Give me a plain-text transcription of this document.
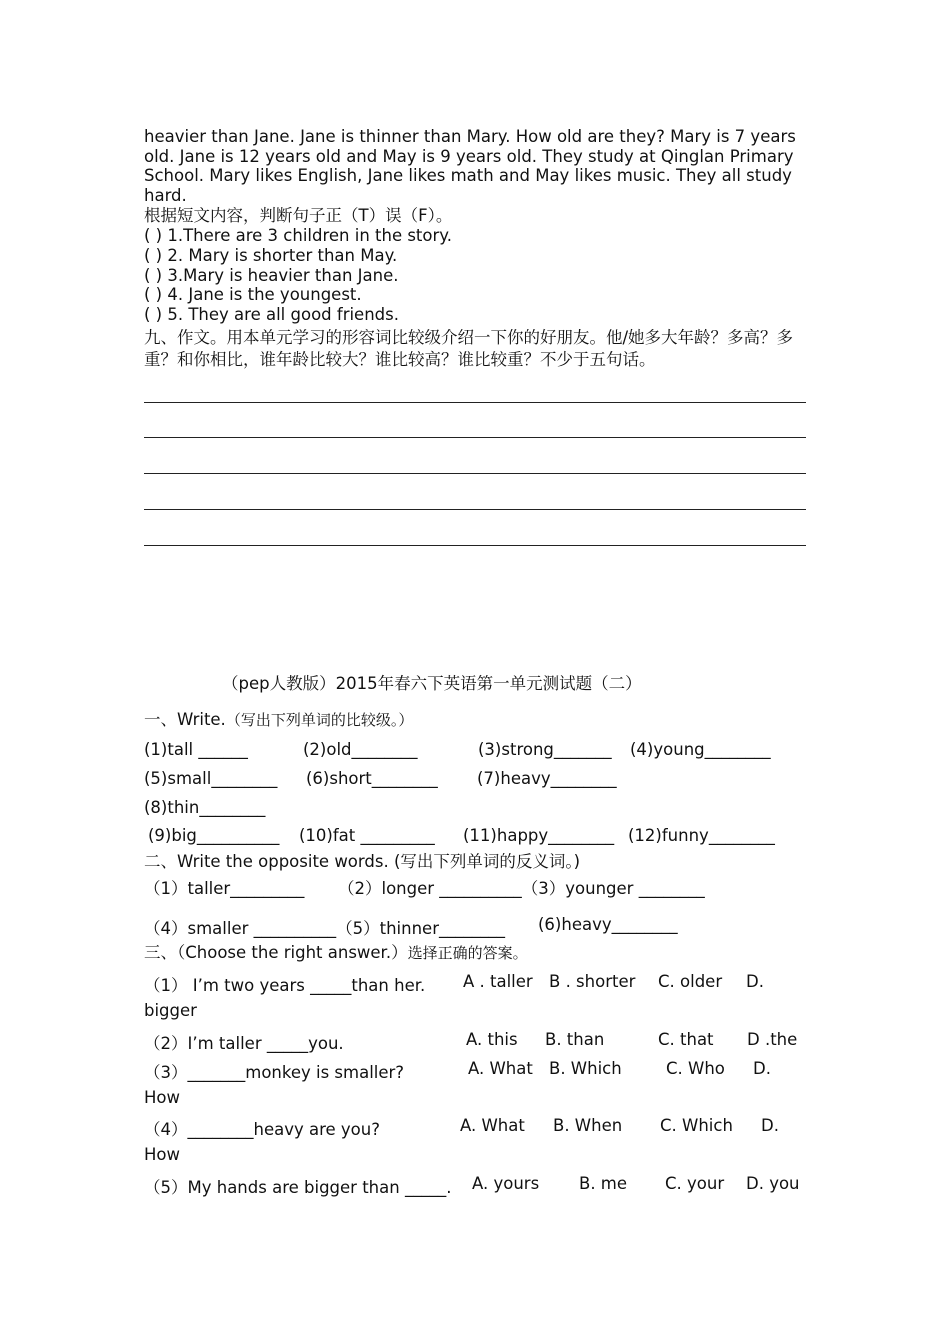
heavier than Jane. Jane is thinner than Mary. How old are they? Mary is 7 years old. Jane is 12 years old and May is 9 years old. They study at Qinglan Primary School. Mary likes English, Jane likes math and May likes music. They all study hard.
根据短文内容，判断句子正（T）误（F）。
( ) 1.There are 3 children in the story.
( ) 2. Mary is shorter than May.
( ) 3.Mary is heavier than Jane.
( ) 4. Jane is the youngest.
( ) 5. They are all good friends.
九、作文。用本单元学习的形容词比较级介绍一下你的好朋友。他/她多大年龄？多高？多重？和你相比，谁年龄比较大？谁比较高？谁比较重？不少于五句话。
（pep人教版）2015年春六下英语第一单元测试题（二）
一、Write.（写出下列单词的比较级。）
(1)tall ______	(2)old________	(3)strong_______ (4)young________
(5)small________ (6)short________ (7)heavy________
(8)thin________
(9)big__________ (10)fat _________ (11)happy________ (12)funny________
二、Write the opposite words. (写出下列单词的反义词。)
（1）taller_________ （2）longer __________（3）younger ________
（4）smaller __________（5）thinner________ (6)heavy________
三、（Choose the right answer.）选择正确的答案。
（1） I’m two years _____than her. A . taller B . shorter C. older D.
bigger
（2）I’m taller _____you.	A. this B. than	C. that D .the
（3）_______monkey is smaller?	A. What B. Which	C. Who D.
How
（4）________heavy are you?	A. What B. When C. Which D.
How
（5）My hands are bigger than _____. A. yours B. me C. your D. you
